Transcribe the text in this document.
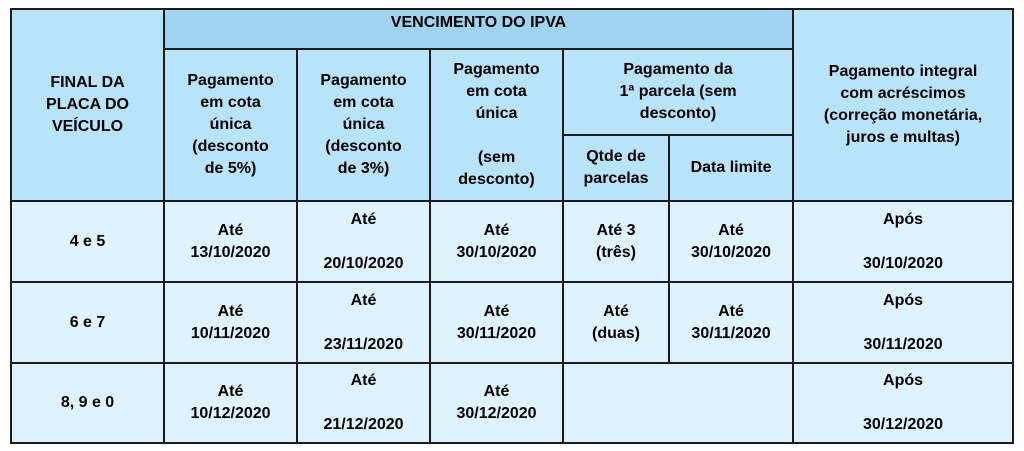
FINAL DA
PLACA DO
VEÍCULO	VENCIMENTO DO IPVA					Pagamento integral
com acréscimos
(correção monetária,
juros e multas)
	Pagamento
em cota
única
(desconto
de 5%)	Pagamento
em cota
única
(desconto
de 3%)	Pagamento
em cota
única

(sem
desconto)	Pagamento da
1ª parcela (sem
desconto)		
				Qtde de
parcelas	Data limite	
4 e 5	Até
13/10/2020	Até

20/10/2020	Até
30/10/2020	Até 3
(três)	Até
30/10/2020	Após

30/10/2020
6 e 7	Até
10/11/2020	Até

23/11/2020	Até
30/11/2020	Até
(duas)	Até
30/11/2020	Após

30/11/2020
8, 9 e 0	Até
10/12/2020	Até

21/12/2020	Até
30/12/2020			Após

30/12/2020
